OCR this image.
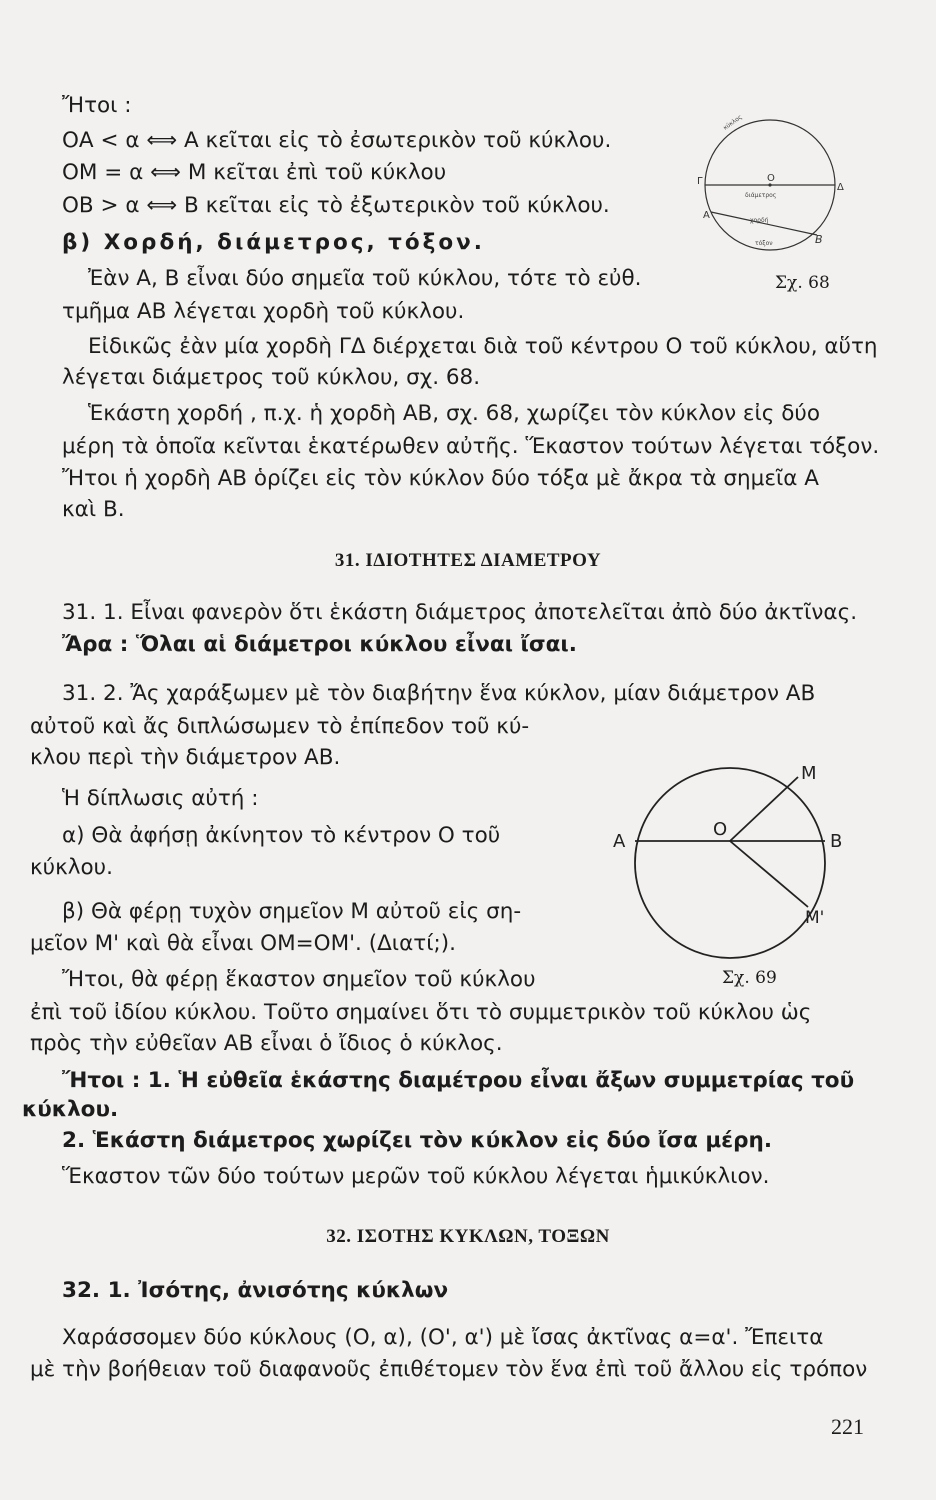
Ἤτοι :
ΟΑ < α ⟺ Α κεῖται εἰς τὸ ἐσωτερικὸν τοῦ κύκλου.
ΟΜ = α ⟺ Μ κεῖται ἐπὶ τοῦ κύκλου
ΟΒ > α ⟺ Β κεῖται εἰς τὸ ἐξωτερικὸν τοῦ κύκλου.
β) Χορδή, διάμετρος, τόξον.
Ἐὰν Α, Β εἶναι δύο σημεῖα τοῦ κύκλου, τότε τὸ εὐθ.
τμῆμα ΑΒ λέγεται χορδὴ τοῦ κύκλου.
Εἰδικῶς ἐὰν μία χορδὴ ΓΔ διέρχεται διὰ τοῦ κέντρου Ο τοῦ κύκλου, αὕτη
λέγεται διάμετρος τοῦ κύκλου, σχ. 68.
Ἑκάστη χορδή , π.χ. ἡ χορδὴ ΑΒ, σχ. 68, χωρίζει τὸν κύκλον εἰς δύο
μέρη τὰ ὁποῖα κεῖνται ἑκατέρωθεν αὐτῆς. Ἕκαστον τούτων λέγεται τόξον.
Ἤτοι ἡ χορδὴ ΑΒ ὁρίζει εἰς τὸν κύκλον δύο τόξα μὲ ἄκρα τὰ σημεῖα Α
καὶ Β.
31. ΙΔΙΟΤΗΤΕΣ ΔΙΑΜΕΤΡΟΥ
31. 1. Εἶναι φανερὸν ὅτι ἑκάστη διάμετρος ἀποτελεῖται ἀπὸ δύο ἀκτῖνας.
Ἄρα : Ὅλαι αἱ διάμετροι κύκλου εἶναι ἴσαι.
31. 2. Ἄς χαράξωμεν μὲ τὸν διαβήτην ἕνα κύκλον, μίαν διάμετρον ΑΒ
αὐτοῦ καὶ ἄς διπλώσωμεν τὸ ἐπίπεδον τοῦ κύ-
κλου περὶ τὴν διάμετρον ΑΒ.
Ἡ δίπλωσις αὐτή :
α) Θὰ ἀφήσῃ ἀκίνητον τὸ κέντρον Ο τοῦ
κύκλου.
β) Θὰ φέρῃ τυχὸν σημεῖον Μ αὐτοῦ εἰς ση-
μεῖον Μ' καὶ θὰ εἶναι ΟΜ=ΟΜ'. (Διατί;).
Ἤτοι, θὰ φέρῃ ἕκαστον σημεῖον τοῦ κύκλου
ἐπὶ τοῦ ἰδίου κύκλου. Τοῦτο σημαίνει ὅτι τὸ συμμετρικὸν τοῦ κύκλου ὡς
πρὸς τὴν εὐθεῖαν ΑΒ εἶναι ὁ ἴδιος ὁ κύκλος.
Ἤτοι : 1. Ἡ εὐθεῖα ἑκάστης διαμέτρου εἶναι ἄξων συμμετρίας τοῦ
κύκλου.
2. Ἑκάστη διάμετρος χωρίζει τὸν κύκλον εἰς δύο ἴσα μέρη.
Ἕκαστον τῶν δύο τούτων μερῶν τοῦ κύκλου λέγεται ἡμικύκλιον.
32. ΙΣΟΤΗΣ ΚΥΚΛΩΝ, ΤΟΞΩΝ
32. 1. Ἰσότης, ἀνισότης κύκλων
Χαράσσομεν δύο κύκλους (Ο, α), (Ο', α') μὲ ἴσας ἀκτῖνας α=α'. Ἔπειτα
μὲ τὴν βοήθειαν τοῦ διαφανοῦς ἐπιθέτομεν τὸν ἕνα ἐπὶ τοῦ ἄλλου εἰς τρόπον
Γ
Δ
Ο
Α
Β
διάμετρος
χορδή
τόξον
κύκλος
Σχ. 68
Α	Β
O
Μ
Μ'
Σχ. 69
221
